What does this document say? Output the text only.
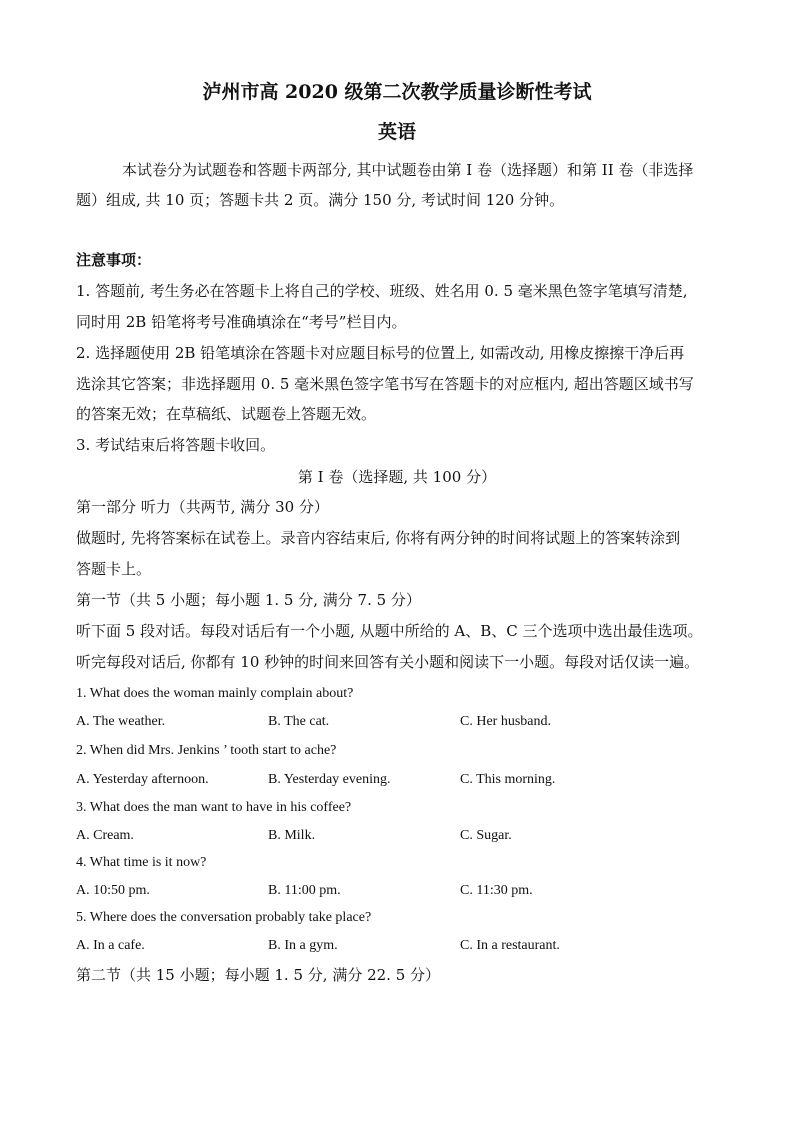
泸州市高 2020 级第二次教学质量诊断性考试
英语
本试卷分为试题卷和答题卡两部分, 其中试题卷由第 I 卷（选择题）和第 II 卷（非选择
题）组成, 共 10 页；答题卡共 2 页。满分 150 分, 考试时间 120 分钟。
注意事项：
1. 答题前, 考生务必在答题卡上将自己的学校、班级、姓名用 0. 5 毫米黑色签字笔填写清楚,
同时用 2B 铅笔将考号准确填涂在“考号”栏目内。
2. 选择题使用 2B 铅笔填涂在答题卡对应题目标号的位置上, 如需改动, 用橡皮擦擦干净后再
选涂其它答案；非选择题用 0. 5 毫米黑色签字笔书写在答题卡的对应框内, 超出答题区域书写
的答案无效；在草稿纸、试题卷上答题无效。
3. 考试结束后将答题卡收回。
第 I 卷（选择题, 共 100 分）
第一部分 听力（共两节, 满分 30 分）
做题时, 先将答案标在试卷上。录音内容结束后, 你将有两分钟的时间将试题上的答案转涂到
答题卡上。
第一节（共 5 小题；每小题 1. 5 分, 满分 7. 5 分）
听下面 5 段对话。每段对话后有一个小题, 从题中所给的 A、B、C 三个选项中选出最佳选项。
听完每段对话后, 你都有 10 秒钟的时间来回答有关小题和阅读下一小题。每段对话仅读一遍。
1. What does the woman mainly complain about?
A. The weather.	B. The cat.	C. Her husband.
2. When did Mrs. Jenkins ’ tooth start to ache?
A. Yesterday afternoon.	B. Yesterday evening.	C. This morning.
3. What does the man want to have in his coffee?
A. Cream.	B. Milk.	C. Sugar.
4. What time is it now?
A. 10:50 pm.	B. 11:00 pm.	C. 11:30 pm.
5. Where does the conversation probably take place?
A. In a cafe.	B. In a gym.	C. In a restaurant.
第二节（共 15 小题；每小题 1. 5 分, 满分 22. 5 分）
